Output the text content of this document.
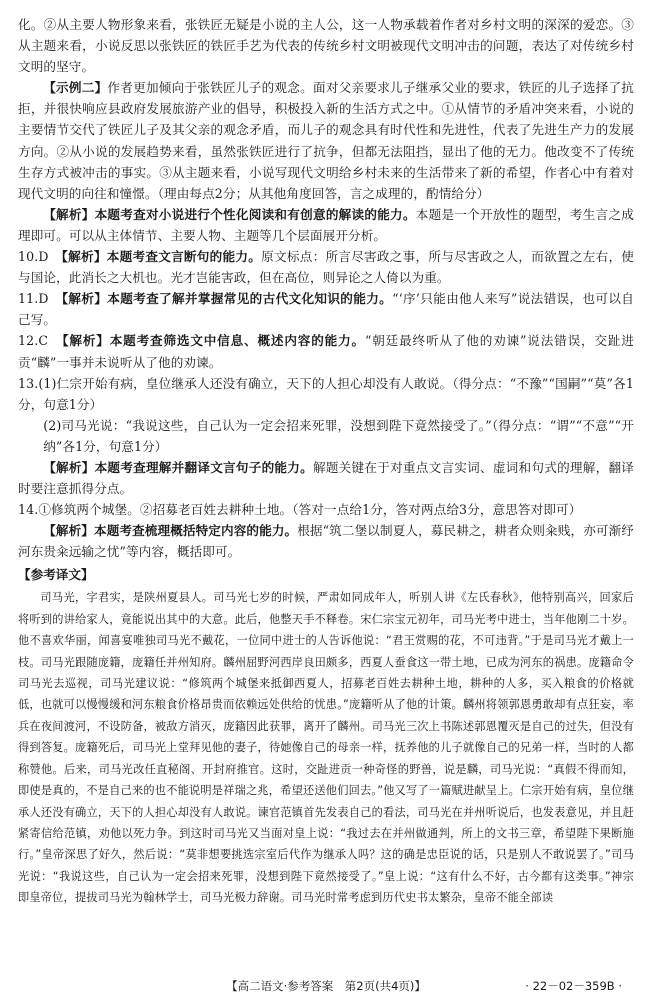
化。②从主要人物形象来看，张铁匠无疑是小说的主人公，这一人物承载着作者对乡村文明的深深的爱恋。③从主题来看，小说反思以张铁匠的铁匠手艺为代表的传统乡村文明被现代文明冲击的问题，表达了对传统乡村文明的坚守。

【示例二】作者更加倾向于张铁匠儿子的观念。面对父亲要求儿子继承父业的要求，铁匠的儿子选择了抗拒，并很快响应县政府发展旅游产业的倡导，积极投入新的生活方式之中。①从情节的矛盾冲突来看，小说的主要情节交代了铁匠儿子及其父亲的观念矛盾，而儿子的观念具有时代性和先进性，代表了先进生产力的发展方向。②从小说的发展趋势来看，虽然张铁匠进行了抗争，但都无法阻挡，显出了他的无力。他改变不了传统生存方式被冲击的事实。③从主题来看，小说写现代文明给乡村未来的生活带来了新的希望，作者心中有着对现代文明的向往和憧憬。（理由每点2分；从其他角度回答，言之成理的，酌情给分）

【解析】本题考查对小说进行个性化阅读和有创意的解读的能力。本题是一个开放性的题型，考生言之成理即可。可以从主体情节、主要人物、主题等几个层面展开分析。

10.D　 【解析】本题考查文言断句的能力。原文标点：所言尽害政之事，所与尽害政之人，而欲置之左右，使与国论，此消长之大机也。光才岂能害政，但在高位，则异论之人倚以为重。

11.D　 【解析】本题考查了解并掌握常见的古代文化知识的能力。“‘序’只能由他人来写”说法错误，也可以自己写。

12.C　 【解析】本题考查筛选文中信息、概述内容的能力。“朝廷最终听从了他的劝谏”说法错误，交趾进贡“麟”一事并未说听从了他的劝谏。

13.(1)仁宗开始有病，皇位继承人还没有确立，天下的人担心却没有人敢说。（得分点：“不豫”“国嗣”“莫”各1分，句意1分）

(2)司马光说：“我说这些，自己认为一定会招来死罪，没想到陛下竟然接受了。”（得分点：“谓”“不意”“开纳”各1分，句意1分）

【解析】本题考查理解并翻译文言句子的能力。解题关键在于对重点文言实词、虚词和句式的理解，翻译时要注意抓得分点。

14.①修筑两个城堡。②招募老百姓去耕种土地。（答对一点给1分，答对两点给3分，意思答对即可）

【解析】本题考查梳理概括特定内容的能力。根据“筑二堡以制夏人，募民耕之，耕者众则籴贱，亦可渐纾河东贵籴远输之忧”等内容，概括即可。

【参考译文】

司马光，字君实，是陕州夏县人。司马光七岁的时候，严肃如同成年人，听别人讲《左氏春秋》，他特别高兴，回家后将听到的讲给家人，竟能说出其中的大意。此后，他整天手不释卷。宋仁宗宝元初年，司马光考中进士，当年他刚二十岁。他不喜欢华丽，闻喜宴唯独司马光不戴花，一位同中进士的人告诉他说：“君王赏赐的花，不可违背。”于是司马光才戴上一枝。司马光跟随庞籍，庞籍任并州知府。麟州屈野河西岸良田颇多，西夏人蚕食这一带土地，已成为河东的祸患。庞籍命令司马光去巡视，司马光建议说：“修筑两个城堡来抵御西夏人，招募老百姓去耕种土地，耕种的人多，买入粮食的价格就低，也就可以慢慢缓和河东粮食价格昂贵而依赖远处供给的忧患。”庞籍听从了他的计策。麟州将领郭恩勇敢却有点狂妄，率兵在夜间渡河，不设防备，被敌方消灭，庞籍因此获罪，离开了麟州。司马光三次上书陈述郭恩覆灭是自己的过失，但没有得到答复。庞籍死后，司马光上堂拜见他的妻子，待她像自己的母亲一样，抚养他的儿子就像自己的兄弟一样，当时的人都称赞他。后来，司马光改任直秘阁、开封府推官。这时，交趾进贡一种奇怪的野兽，说是麟，司马光说：“真假不得而知，即使是真的，不是自己来的也不能说明是祥瑞之兆，希望还送他们回去。”他又写了一篇赋进献呈上。仁宗开始有病，皇位继承人还没有确立，天下的人担心却没有人敢说。谏官范镇首先发表自己的看法，司马光在并州听说后，也发表意见，并且赶紧寄信给范镇，劝他以死力争。到这时司马光又当面对皇上说：“我过去在并州做通判，所上的文书三章，希望陛下果断施行。”皇帝深思了好久，然后说：“莫非想要挑选宗室后代作为继承人吗？这的确是忠臣说的话，只是别人不敢说罢了。”司马光说：“我说这些，自己认为一定会招来死罪，没想到陛下竟然接受了。”皇上说：“这有什么不好，古今都有这类事。”神宗即皇帝位，提拔司马光为翰林学士，司马光极力辞谢。司马光时常考虑到历代史书太繁杂，皇帝不能全部读

【高二语文·参考答案　第2页(共4页)】	· 22－02－359B ·
